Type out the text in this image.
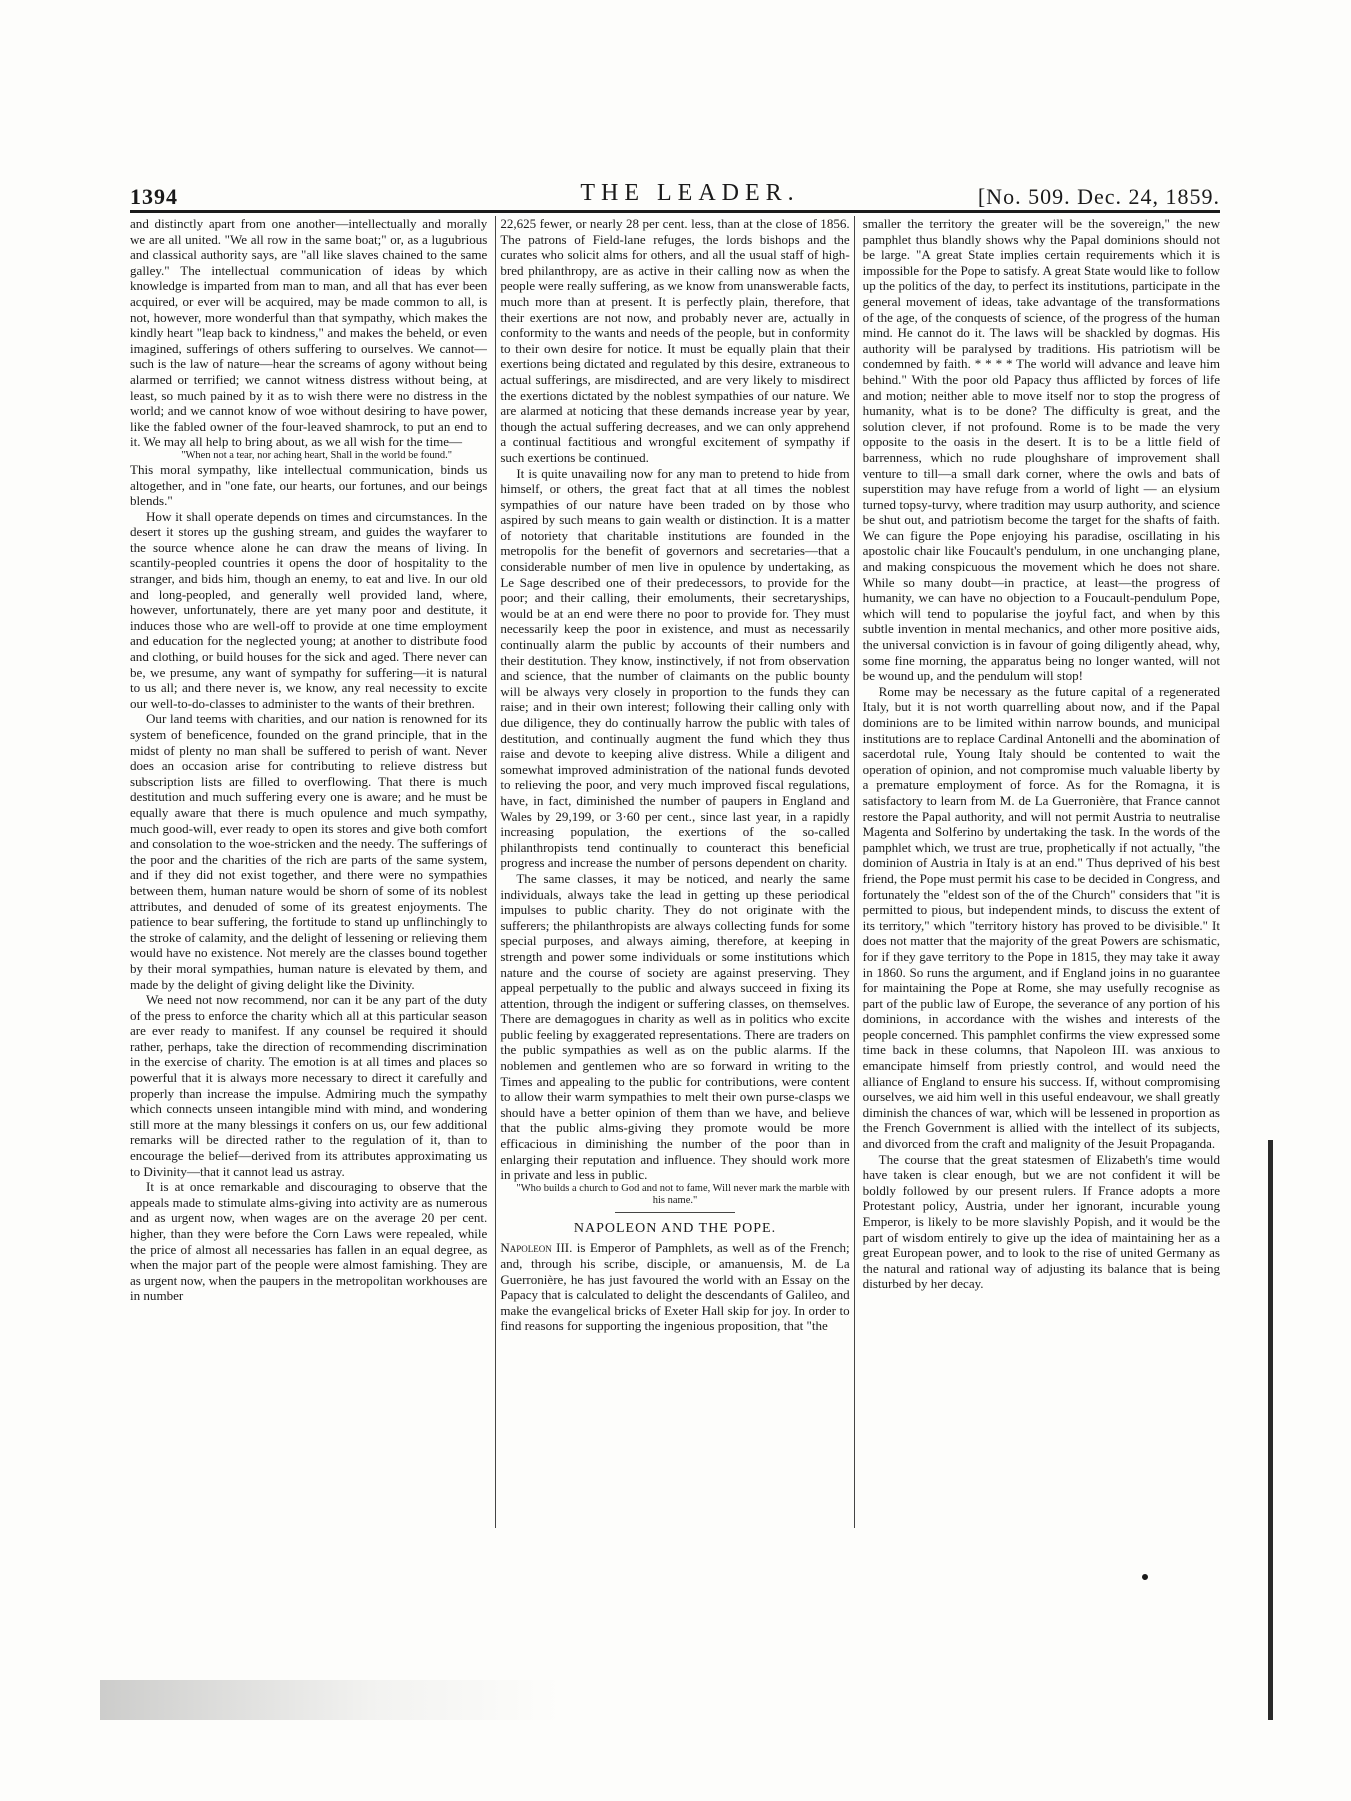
1394	THE LEADER.	[No. 509. Dec. 24, 1859.

and distinctly apart from one another—intellectually and morally we are all united. "We all row in the same boat;" or, as a lugubrious and classical authority says, are "all like slaves chained to the same galley." The intellectual communication of ideas by which knowledge is imparted from man to man, and all that has ever been acquired, or ever will be acquired, may be made common to all, is not, however, more wonderful than that sympathy, which makes the kindly heart "leap back to kindness," and makes the beheld, or even imagined, sufferings of others suffering to ourselves. We cannot—such is the law of nature—hear the screams of agony without being alarmed or terrified; we cannot witness distress without being, at least, so much pained by it as to wish there were no distress in the world; and we cannot know of woe without desiring to have power, like the fabled owner of the four-leaved shamrock, to put an end to it. We may all help to bring about, as we all wish for the time—

"When not a tear, nor aching heart, Shall in the world be found."

This moral sympathy, like intellectual communication, binds us altogether, and in "one fate, our hearts, our fortunes, and our beings blends."

How it shall operate depends on times and circumstances. In the desert it stores up the gushing stream, and guides the wayfarer to the source whence alone he can draw the means of living. In scantily-peopled countries it opens the door of hospitality to the stranger, and bids him, though an enemy, to eat and live. In our old and long-peopled, and generally well provided land, where, however, unfortunately, there are yet many poor and destitute, it induces those who are well-off to provide at one time employment and education for the neglected young; at another to distribute food and clothing, or build houses for the sick and aged. There never can be, we presume, any want of sympathy for suffering—it is natural to us all; and there never is, we know, any real necessity to excite our well-to-do-classes to administer to the wants of their brethren.

Our land teems with charities, and our nation is renowned for its system of beneficence, founded on the grand principle, that in the midst of plenty no man shall be suffered to perish of want. Never does an occasion arise for contributing to relieve distress but subscription lists are filled to overflowing. That there is much destitution and much suffering every one is aware; and he must be equally aware that there is much opulence and much sympathy, much good-will, ever ready to open its stores and give both comfort and consolation to the woe-stricken and the needy. The sufferings of the poor and the charities of the rich are parts of the same system, and if they did not exist together, and there were no sympathies between them, human nature would be shorn of some of its noblest attributes, and denuded of some of its greatest enjoyments. The patience to bear suffering, the fortitude to stand up unflinchingly to the stroke of calamity, and the delight of lessening or relieving them would have no existence. Not merely are the classes bound together by their moral sympathies, human nature is elevated by them, and made by the delight of giving delight like the Divinity.

We need not now recommend, nor can it be any part of the duty of the press to enforce the charity which all at this particular season are ever ready to manifest. If any counsel be required it should rather, perhaps, take the direction of recommending discrimination in the exercise of charity. The emotion is at all times and places so powerful that it is always more necessary to direct it carefully and properly than increase the impulse. Admiring much the sympathy which connects unseen intangible mind with mind, and wondering still more at the many blessings it confers on us, our few additional remarks will be directed rather to the regulation of it, than to encourage the belief—derived from its attributes approximating us to Divinity—that it cannot lead us astray.

It is at once remarkable and discouraging to observe that the appeals made to stimulate alms-giving into activity are as numerous and as urgent now, when wages are on the average 20 per cent. higher, than they were before the Corn Laws were repealed, while the price of almost all necessaries has fallen in an equal degree, as when the major part of the people were almost famishing. They are as urgent now, when the paupers in the metropolitan workhouses are in number

22,625 fewer, or nearly 28 per cent. less, than at the close of 1856. The patrons of Field-lane refuges, the lords bishops and the curates who solicit alms for others, and all the usual staff of high-bred philanthropy, are as active in their calling now as when the people were really suffering, as we know from unanswerable facts, much more than at present. It is perfectly plain, therefore, that their exertions are not now, and probably never are, actually in conformity to the wants and needs of the people, but in conformity to their own desire for notice. It must be equally plain that their exertions being dictated and regulated by this desire, extraneous to actual sufferings, are misdirected, and are very likely to misdirect the exertions dictated by the noblest sympathies of our nature. We are alarmed at noticing that these demands increase year by year, though the actual suffering decreases, and we can only apprehend a continual factitious and wrongful excitement of sympathy if such exertions be continued.

It is quite unavailing now for any man to pretend to hide from himself, or others, the great fact that at all times the noblest sympathies of our nature have been traded on by those who aspired by such means to gain wealth or distinction. It is a matter of notoriety that charitable institutions are founded in the metropolis for the benefit of governors and secretaries—that a considerable number of men live in opulence by undertaking, as Le Sage described one of their predecessors, to provide for the poor; and their calling, their emoluments, their secretaryships, would be at an end were there no poor to provide for. They must necessarily keep the poor in existence, and must as necessarily continually alarm the public by accounts of their numbers and their destitution. They know, instinctively, if not from observation and science, that the number of claimants on the public bounty will be always very closely in proportion to the funds they can raise; and in their own interest; following their calling only with due diligence, they do continually harrow the public with tales of destitution, and continually augment the fund which they thus raise and devote to keeping alive distress. While a diligent and somewhat improved administration of the national funds devoted to relieving the poor, and very much improved fiscal regulations, have, in fact, diminished the number of paupers in England and Wales by 29,199, or 3·60 per cent., since last year, in a rapidly increasing population, the exertions of the so-called philanthropists tend continually to counteract this beneficial progress and increase the number of persons dependent on charity.

The same classes, it may be noticed, and nearly the same individuals, always take the lead in getting up these periodical impulses to public charity. They do not originate with the sufferers; the philanthropists are always collecting funds for some special purposes, and always aiming, therefore, at keeping in strength and power some individuals or some institutions which nature and the course of society are against preserving. They appeal perpetually to the public and always succeed in fixing its attention, through the indigent or suffering classes, on themselves. There are demagogues in charity as well as in politics who excite public feeling by exaggerated representations. There are traders on the public sympathies as well as on the public alarms. If the noblemen and gentlemen who are so forward in writing to the Times and appealing to the public for contributions, were content to allow their warm sympathies to melt their own purse-clasps we should have a better opinion of them than we have, and believe that the public alms-giving they promote would be more efficacious in diminishing the number of the poor than in enlarging their reputation and influence. They should work more in private and less in public.

"Who builds a church to God and not to fame, Will never mark the marble with his name."

NAPOLEON AND THE POPE.

Napoleon III. is Emperor of Pamphlets, as well as of the French; and, through his scribe, disciple, or amanuensis, M. de La Guerronière, he has just favoured the world with an Essay on the Papacy that is calculated to delight the descendants of Galileo, and make the evangelical bricks of Exeter Hall skip for joy. In order to find reasons for supporting the ingenious proposition, that "the

smaller the territory the greater will be the sovereign," the new pamphlet thus blandly shows why the Papal dominions should not be large. "A great State implies certain requirements which it is impossible for the Pope to satisfy. A great State would like to follow up the politics of the day, to perfect its institutions, participate in the general movement of ideas, take advantage of the transformations of the age, of the conquests of science, of the progress of the human mind. He cannot do it. The laws will be shackled by dogmas. His authority will be paralysed by traditions. His patriotism will be condemned by faith. * * * * The world will advance and leave him behind." With the poor old Papacy thus afflicted by forces of life and motion; neither able to move itself nor to stop the progress of humanity, what is to be done? The difficulty is great, and the solution clever, if not profound. Rome is to be made the very opposite to the oasis in the desert. It is to be a little field of barrenness, which no rude ploughshare of improvement shall venture to till—a small dark corner, where the owls and bats of superstition may have refuge from a world of light — an elysium turned topsy-turvy, where tradition may usurp authority, and science be shut out, and patriotism become the target for the shafts of faith. We can figure the Pope enjoying his paradise, oscillating in his apostolic chair like Foucault's pendulum, in one unchanging plane, and making conspicuous the movement which he does not share. While so many doubt—in practice, at least—the progress of humanity, we can have no objection to a Foucault-pendulum Pope, which will tend to popularise the joyful fact, and when by this subtle invention in mental mechanics, and other more positive aids, the universal conviction is in favour of going diligently ahead, why, some fine morning, the apparatus being no longer wanted, will not be wound up, and the pendulum will stop!

Rome may be necessary as the future capital of a regenerated Italy, but it is not worth quarrelling about now, and if the Papal dominions are to be limited within narrow bounds, and municipal institutions are to replace Cardinal Antonelli and the abomination of sacerdotal rule, Young Italy should be contented to wait the operation of opinion, and not compromise much valuable liberty by a premature employment of force. As for the Romagna, it is satisfactory to learn from M. de La Guerronière, that France cannot restore the Papal authority, and will not permit Austria to neutralise Magenta and Solferino by undertaking the task. In the words of the pamphlet which, we trust are true, prophetically if not actually, "the dominion of Austria in Italy is at an end." Thus deprived of his best friend, the Pope must permit his case to be decided in Congress, and fortunately the "eldest son of the of the Church" considers that "it is permitted to pious, but independent minds, to discuss the extent of its territory," which "territory history has proved to be divisible." It does not matter that the majority of the great Powers are schismatic, for if they gave territory to the Pope in 1815, they may take it away in 1860. So runs the argument, and if England joins in no guarantee for maintaining the Pope at Rome, she may usefully recognise as part of the public law of Europe, the severance of any portion of his dominions, in accordance with the wishes and interests of the people concerned. This pamphlet confirms the view expressed some time back in these columns, that Napoleon III. was anxious to emancipate himself from priestly control, and would need the alliance of England to ensure his success. If, without compromising ourselves, we aid him well in this useful endeavour, we shall greatly diminish the chances of war, which will be lessened in proportion as the French Government is allied with the intellect of its subjects, and divorced from the craft and malignity of the Jesuit Propaganda.

The course that the great statesmen of Elizabeth's time would have taken is clear enough, but we are not confident it will be boldly followed by our present rulers. If France adopts a more Protestant policy, Austria, under her ignorant, incurable young Emperor, is likely to be more slavishly Popish, and it would be the part of wisdom entirely to give up the idea of maintaining her as a great European power, and to look to the rise of united Germany as the natural and rational way of adjusting its balance that is being disturbed by her decay.
